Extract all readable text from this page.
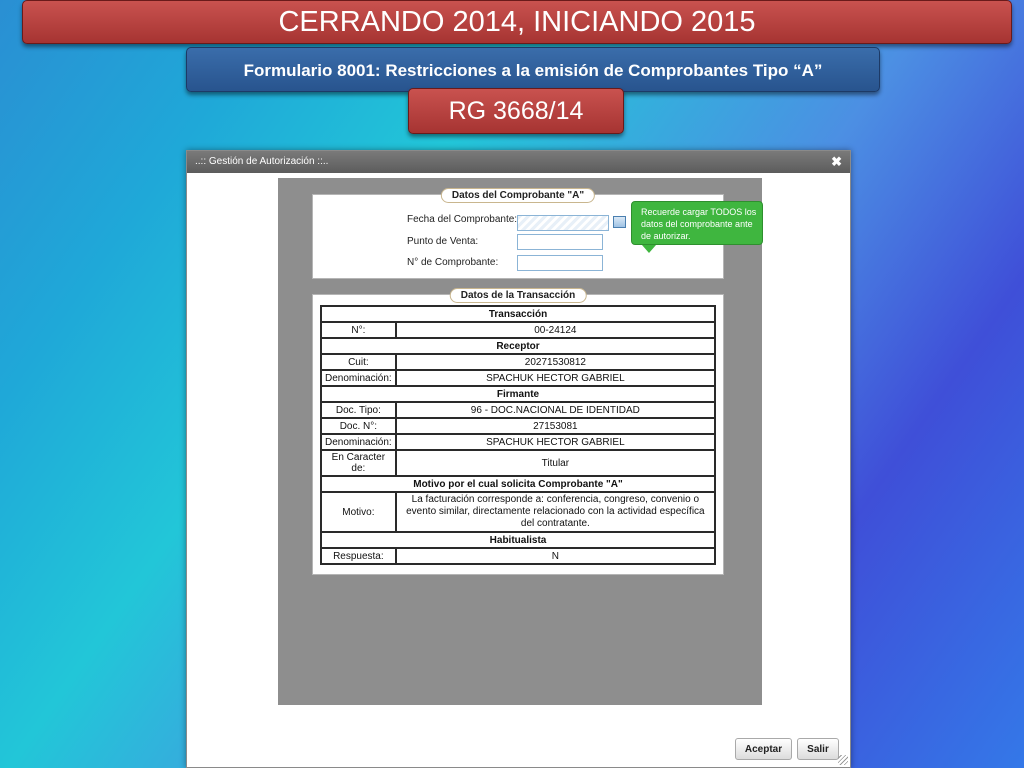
CERRANDO 2014, INICIANDO 2015
Formulario 8001: Restricciones a la emisión de Comprobantes Tipo “A”
RG 3668/14
..:: Gestión de Autorización ::..	✖
Datos del Comprobante "A"
Fecha del Comprobante:
Punto de Venta:
N° de Comprobante:
Recuerde cargar TODOS los
datos del comprobante ante
de autorizar.
Datos de la Transacción
Transacción	
N°:	00-24124
Receptor	
Cuit:	20271530812
Denominación:	SPACHUK HECTOR GABRIEL
Firmante	
Doc. Tipo:	96 - DOC.NACIONAL DE IDENTIDAD
Doc. N°:	27153081
Denominación:	SPACHUK HECTOR GABRIEL
En Caracter de:	Titular
Motivo por el cual solicita Comprobante "A"	
Motivo:	La facturación corresponde a: conferencia, congreso, convenio o evento similar, directamente relacionado con la actividad específica del contratante.
Habitualista	
Respuesta:	N
Aceptar	Salir
